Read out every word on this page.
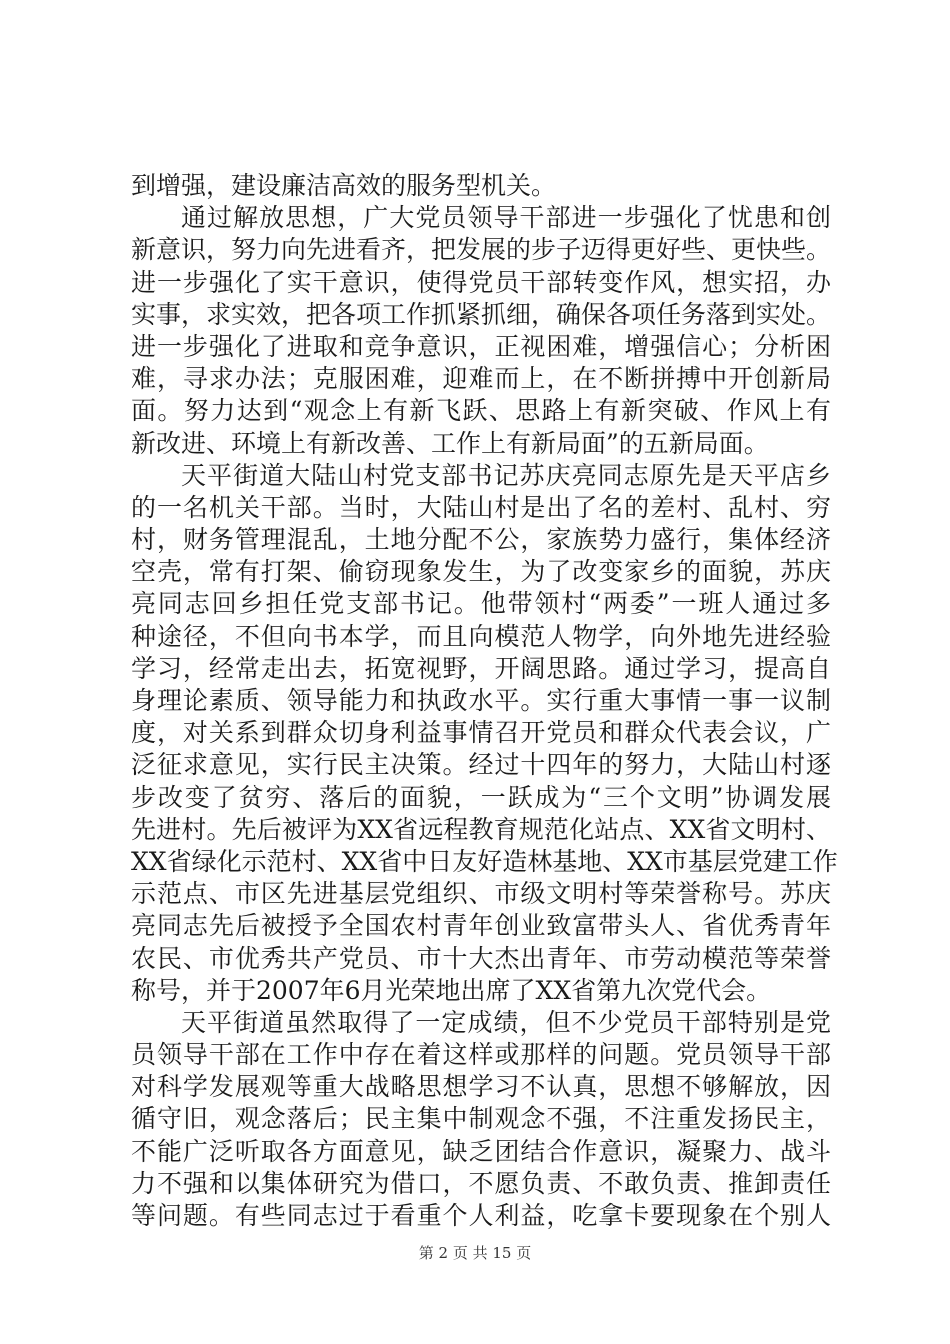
到增强，建设廉洁高效的服务型机关。
通过解放思想，广大党员领导干部进一步强化了忧患和创
新意识，努力向先进看齐，把发展的步子迈得更好些、更快些。
进一步强化了实干意识，使得党员干部转变作风，想实招，办
实事，求实效，把各项工作抓紧抓细，确保各项任务落到实处。
进一步强化了进取和竞争意识，正视困难，增强信心；分析困
难，寻求办法；克服困难，迎难而上，在不断拼搏中开创新局
面。努力达到“观念上有新飞跃、思路上有新突破、作风上有
新改进、环境上有新改善、工作上有新局面”的五新局面。
天平街道大陆山村党支部书记苏庆亮同志原先是天平店乡
的一名机关干部。当时，大陆山村是出了名的差村、乱村、穷
村，财务管理混乱，土地分配不公，家族势力盛行，集体经济
空壳，常有打架、偷窃现象发生，为了改变家乡的面貌，苏庆
亮同志回乡担任党支部书记。他带领村“两委”一班人通过多
种途径，不但向书本学，而且向模范人物学，向外地先进经验
学习，经常走出去，拓宽视野，开阔思路。通过学习，提高自
身理论素质、领导能力和执政水平。实行重大事情一事一议制
度，对关系到群众切身利益事情召开党员和群众代表会议，广
泛征求意见，实行民主决策。经过十四年的努力，大陆山村逐
步改变了贫穷、落后的面貌，一跃成为“三个文明”协调发展
先进村。先后被评为XX省远程教育规范化站点、XX省文明村、
XX省绿化示范村、XX省中日友好造林基地、XX市基层党建工作
示范点、市区先进基层党组织、市级文明村等荣誉称号。苏庆
亮同志先后被授予全国农村青年创业致富带头人、省优秀青年
农民、市优秀共产党员、市十大杰出青年、市劳动模范等荣誉
称号，并于2007年6月光荣地出席了XX省第九次党代会。
天平街道虽然取得了一定成绩，但不少党员干部特别是党
员领导干部在工作中存在着这样或那样的问题。党员领导干部
对科学发展观等重大战略思想学习不认真，思想不够解放，因
循守旧，观念落后；民主集中制观念不强，不注重发扬民主，
不能广泛听取各方面意见，缺乏团结合作意识，凝聚力、战斗
力不强和以集体研究为借口，不愿负责、不敢负责、推卸责任
等问题。有些同志过于看重个人利益，吃拿卡要现象在个别人
第 2 页 共 15 页
